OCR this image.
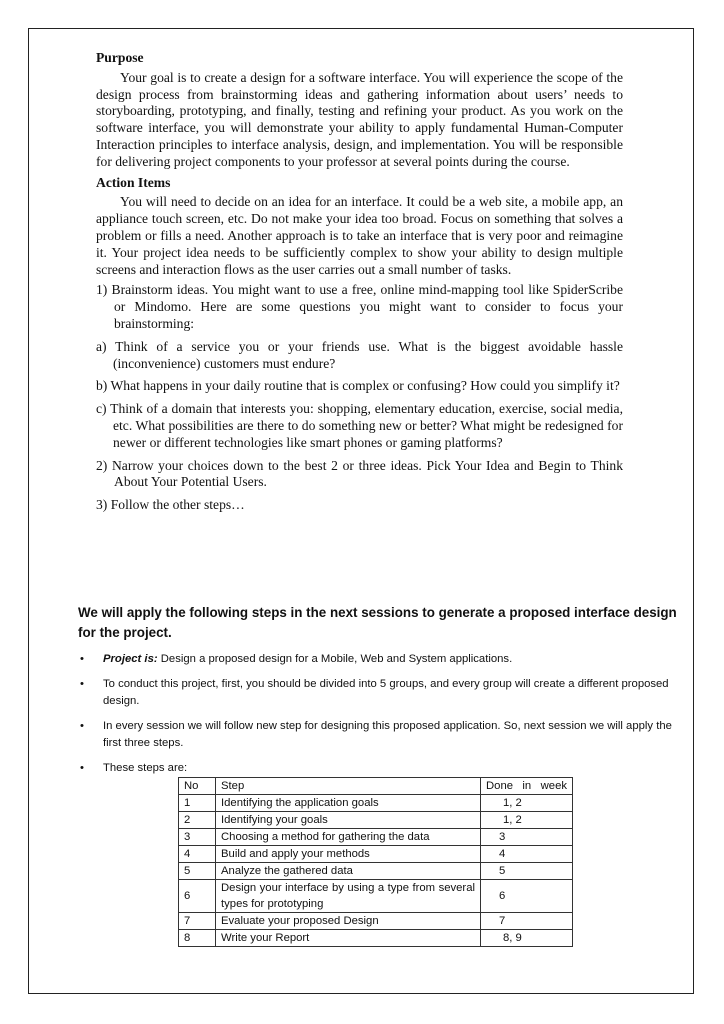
Purpose

Your goal is to create a design for a software interface. You will experience the scope of the design process from brainstorming ideas and gathering information about users’ needs to storyboarding, prototyping, and finally, testing and refining your product. As you work on the software interface, you will demonstrate your ability to apply fundamental Human-Computer Interaction principles to interface analysis, design, and implementation. You will be responsible for delivering project components to your professor at several points during the course.

Action Items

You will need to decide on an idea for an interface. It could be a web site, a mobile app, an appliance touch screen, etc. Do not make your idea too broad. Focus on something that solves a problem or fills a need. Another approach is to take an interface that is very poor and reimagine it. Your project idea needs to be sufficiently complex to show your ability to design multiple screens and interaction flows as the user carries out a small number of tasks.

1) Brainstorm ideas. You might want to use a free, online mind-mapping tool like SpiderScribe or Mindomo. Here are some questions you might want to consider to focus your brainstorming:

a) Think of a service you or your friends use. What is the biggest avoidable hassle (inconvenience) customers must endure?

b) What happens in your daily routine that is complex or confusing? How could you simplify it?

c) Think of a domain that interests you: shopping, elementary education, exercise, social media, etc. What possibilities are there to do something new or better? What might be redesigned for newer or different technologies like smart phones or gaming platforms?

2) Narrow your choices down to the best 2 or three ideas. Pick Your Idea and Begin to Think About Your Potential Users.

3) Follow the other steps…

We will apply the following steps in the next sessions to generate a proposed interface design for the project.

• Project is: Design a proposed design for a Mobile, Web and System applications.
• To conduct this project, first, you should be divided into 5 groups, and every group will create a different proposed design.
• In every session we will follow new step for designing this proposed application. So, next session we will apply the first three steps.
• These steps are:
No	Step	Done in week
1	Identifying the application goals	1, 2
2	Identifying your goals	1, 2
3	Choosing a method for gathering the data	3
4	Build and apply your methods	4
5	Analyze the gathered data	5
6	Design your interface by using a type from several types for prototyping	6
7	Evaluate your proposed Design	7
8	Write your Report	8, 9
